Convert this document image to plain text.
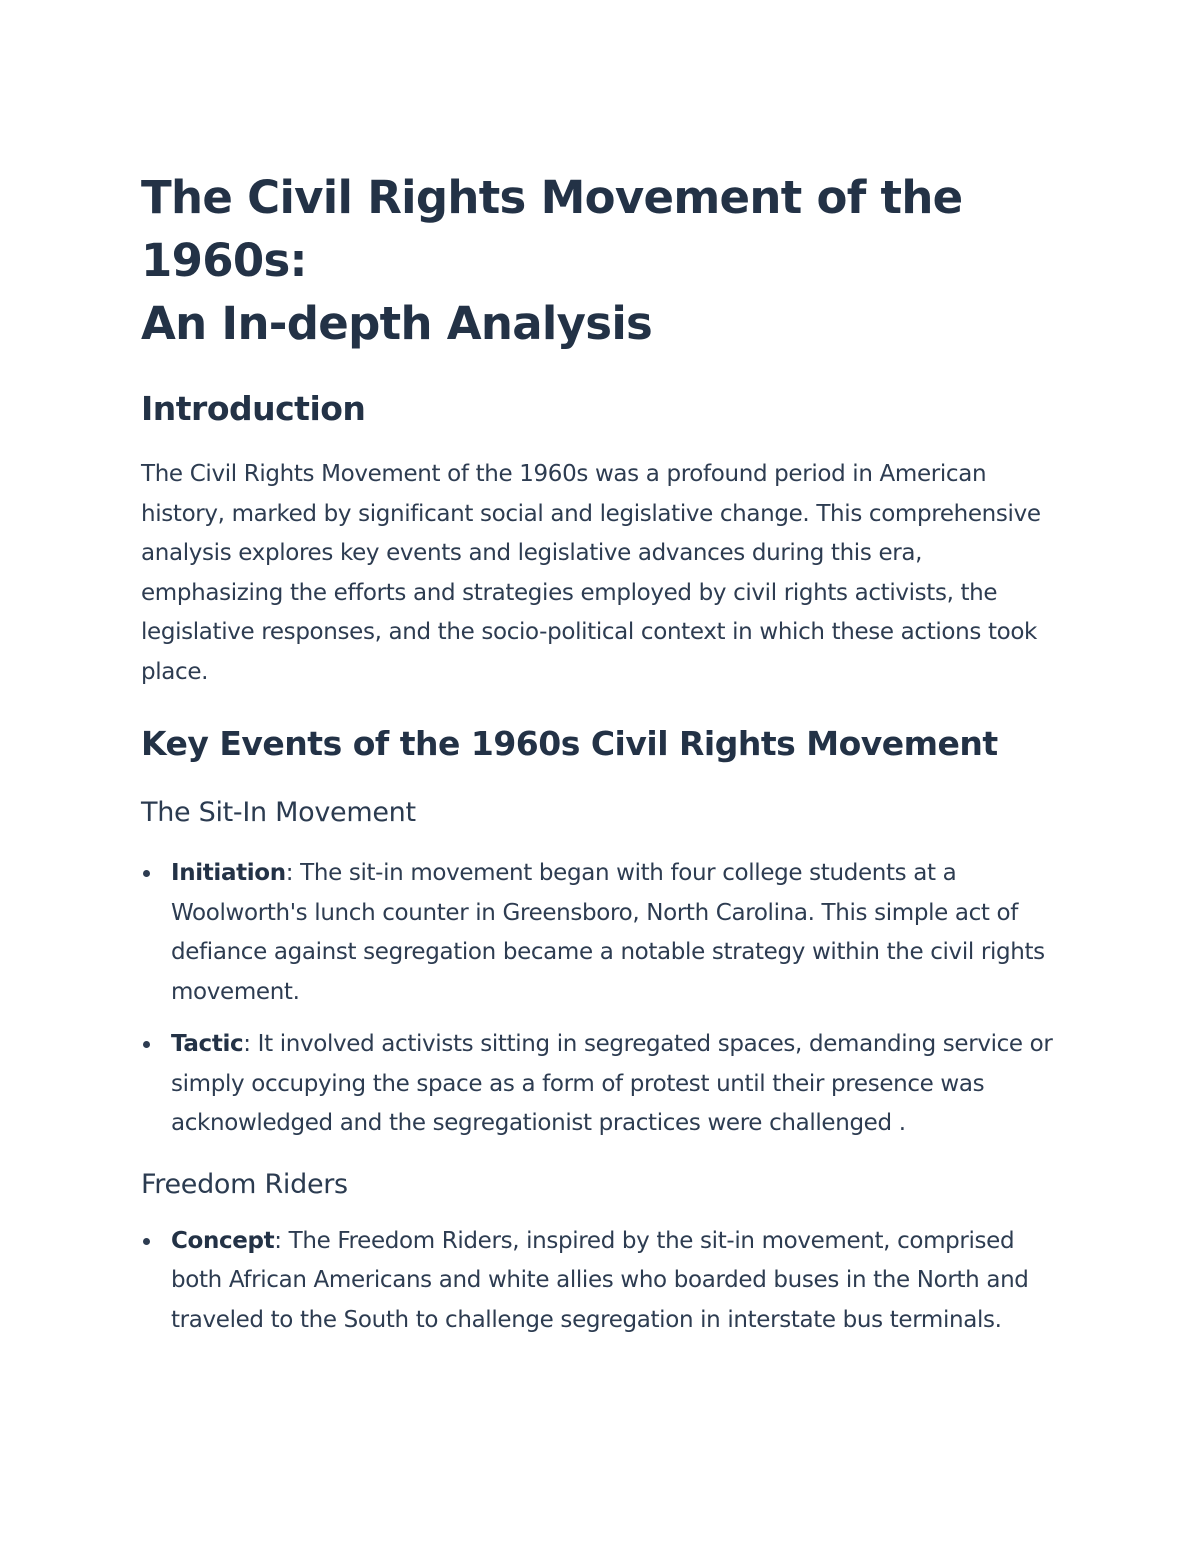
The Civil Rights Movement of the 1960s:
An In-depth Analysis
Introduction

The Civil Rights Movement of the 1960s was a profound period in American history, marked by significant social and legislative change. This comprehensive analysis explores key events and legislative advances during this era, emphasizing the efforts and strategies employed by civil rights activists, the legislative responses, and the socio-political context in which these actions took place.

Key Events of the 1960s Civil Rights Movement
The Sit-In Movement
Initiation: The sit-in movement began with four college students at a Woolworth's lunch counter in Greensboro, North Carolina. This simple act of defiance against segregation became a notable strategy within the civil rights movement.
Tactic: It involved activists sitting in segregated spaces, demanding service or simply occupying the space as a form of protest until their presence was acknowledged and the segregationist practices were challenged .
Freedom Riders
Concept: The Freedom Riders, inspired by the sit-in movement, comprised both African Americans and white allies who boarded buses in the North and traveled to the South to challenge segregation in interstate bus terminals.
